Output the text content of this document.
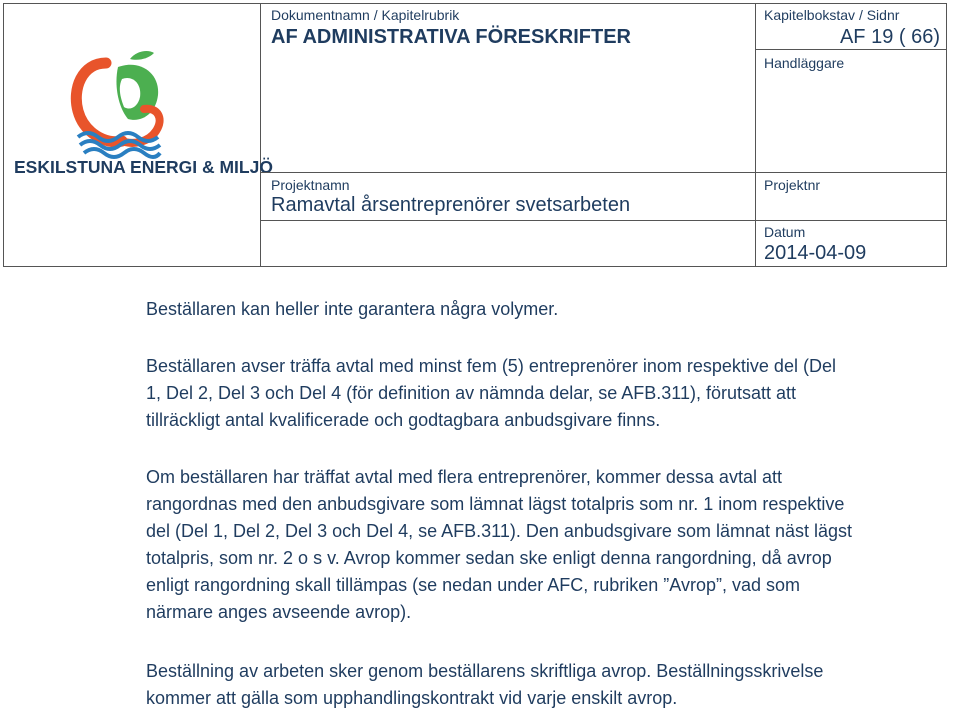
ESKILSTUNA ENERGI & MILJÖ
Dokumentnamn / Kapitelrubrik
AF ADMINISTRATIVA FÖRESKRIFTER
Kapitelbokstav / Sidnr
AF 19 ( 66)
Handläggare
Projektnamn
Ramavtal årsentreprenörer svetsarbeten
Projektnr
Datum
2014-04-09

Beställaren kan heller inte garantera några volymer.

Beställaren avser träffa avtal med minst fem (5) entreprenörer inom respektive del (Del
1, Del 2, Del 3 och Del 4 (för definition av nämnda delar, se AFB.311), förutsatt att
tillräckligt antal kvalificerade och godtagbara anbudsgivare finns.
Om beställaren har träffat avtal med flera entreprenörer, kommer dessa avtal att
rangordnas med den anbudsgivare som lämnat lägst totalpris som nr. 1 inom respektive
del (Del 1, Del 2, Del 3 och Del 4, se AFB.311). Den anbudsgivare som lämnat näst lägst
totalpris, som nr. 2 o s v. Avrop kommer sedan ske enligt denna rangordning, då avrop
enligt rangordning skall tillämpas (se nedan under AFC, rubriken ”Avrop”, vad som
närmare anges avseende avrop).
Beställning av arbeten sker genom beställarens skriftliga avrop. Beställningsskrivelse
kommer att gälla som upphandlingskontrakt vid varje enskilt avrop.
